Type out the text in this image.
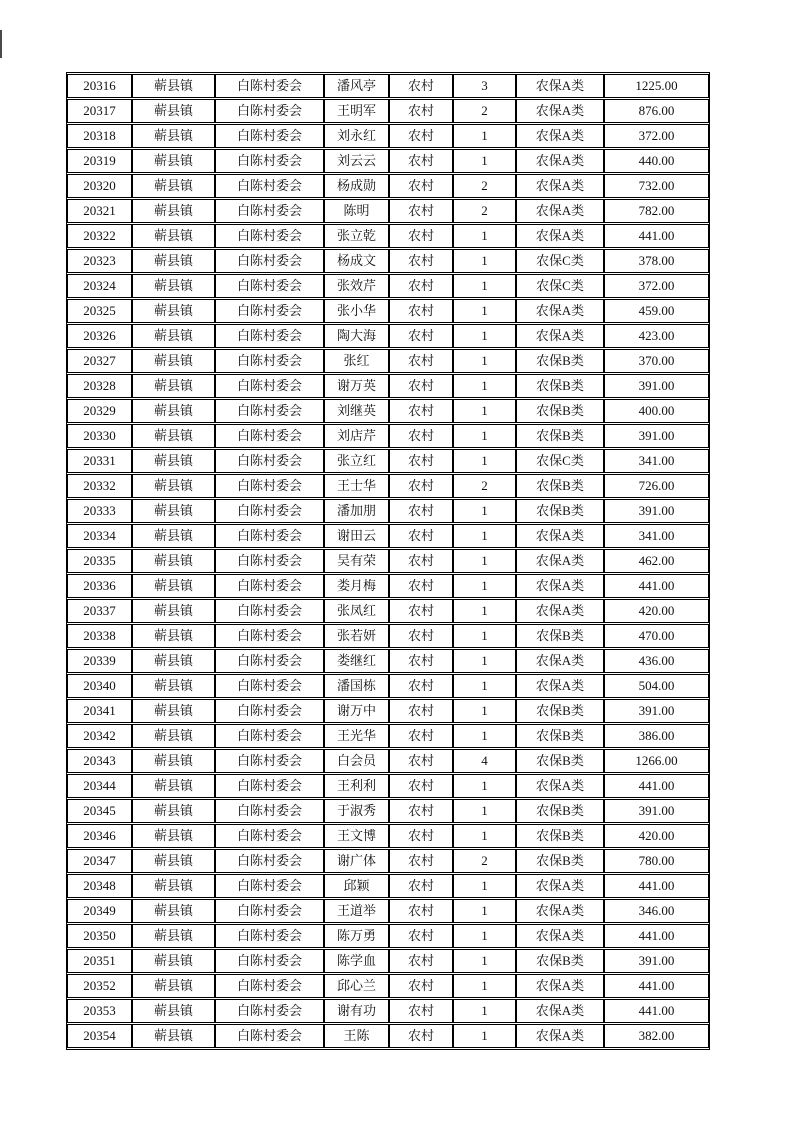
20316	蕲县镇	白陈村委会	潘风亭	农村	3	农保A类	1225.00
20317	蕲县镇	白陈村委会	王明军	农村	2	农保A类	876.00
20318	蕲县镇	白陈村委会	刘永红	农村	1	农保A类	372.00
20319	蕲县镇	白陈村委会	刘云云	农村	1	农保A类	440.00
20320	蕲县镇	白陈村委会	杨成勋	农村	2	农保A类	732.00
20321	蕲县镇	白陈村委会	陈明	农村	2	农保A类	782.00
20322	蕲县镇	白陈村委会	张立乾	农村	1	农保A类	441.00
20323	蕲县镇	白陈村委会	杨成文	农村	1	农保C类	378.00
20324	蕲县镇	白陈村委会	张效芹	农村	1	农保C类	372.00
20325	蕲县镇	白陈村委会	张小华	农村	1	农保A类	459.00
20326	蕲县镇	白陈村委会	陶大海	农村	1	农保A类	423.00
20327	蕲县镇	白陈村委会	张红	农村	1	农保B类	370.00
20328	蕲县镇	白陈村委会	谢万英	农村	1	农保B类	391.00
20329	蕲县镇	白陈村委会	刘继英	农村	1	农保B类	400.00
20330	蕲县镇	白陈村委会	刘店芹	农村	1	农保B类	391.00
20331	蕲县镇	白陈村委会	张立红	农村	1	农保C类	341.00
20332	蕲县镇	白陈村委会	王士华	农村	2	农保B类	726.00
20333	蕲县镇	白陈村委会	潘加朋	农村	1	农保B类	391.00
20334	蕲县镇	白陈村委会	谢田云	农村	1	农保A类	341.00
20335	蕲县镇	白陈村委会	吴有荣	农村	1	农保A类	462.00
20336	蕲县镇	白陈村委会	娄月梅	农村	1	农保A类	441.00
20337	蕲县镇	白陈村委会	张凤红	农村	1	农保A类	420.00
20338	蕲县镇	白陈村委会	张若妍	农村	1	农保B类	470.00
20339	蕲县镇	白陈村委会	娄继红	农村	1	农保A类	436.00
20340	蕲县镇	白陈村委会	潘国栋	农村	1	农保A类	504.00
20341	蕲县镇	白陈村委会	谢万中	农村	1	农保B类	391.00
20342	蕲县镇	白陈村委会	王光华	农村	1	农保B类	386.00
20343	蕲县镇	白陈村委会	白会员	农村	4	农保B类	1266.00
20344	蕲县镇	白陈村委会	王利利	农村	1	农保A类	441.00
20345	蕲县镇	白陈村委会	于淑秀	农村	1	农保B类	391.00
20346	蕲县镇	白陈村委会	王文博	农村	1	农保B类	420.00
20347	蕲县镇	白陈村委会	谢广体	农村	2	农保B类	780.00
20348	蕲县镇	白陈村委会	邱颖	农村	1	农保A类	441.00
20349	蕲县镇	白陈村委会	王道举	农村	1	农保A类	346.00
20350	蕲县镇	白陈村委会	陈万勇	农村	1	农保A类	441.00
20351	蕲县镇	白陈村委会	陈学血	农村	1	农保B类	391.00
20352	蕲县镇	白陈村委会	邱心兰	农村	1	农保A类	441.00
20353	蕲县镇	白陈村委会	谢有功	农村	1	农保A类	441.00
20354	蕲县镇	白陈村委会	王陈	农村	1	农保A类	382.00
